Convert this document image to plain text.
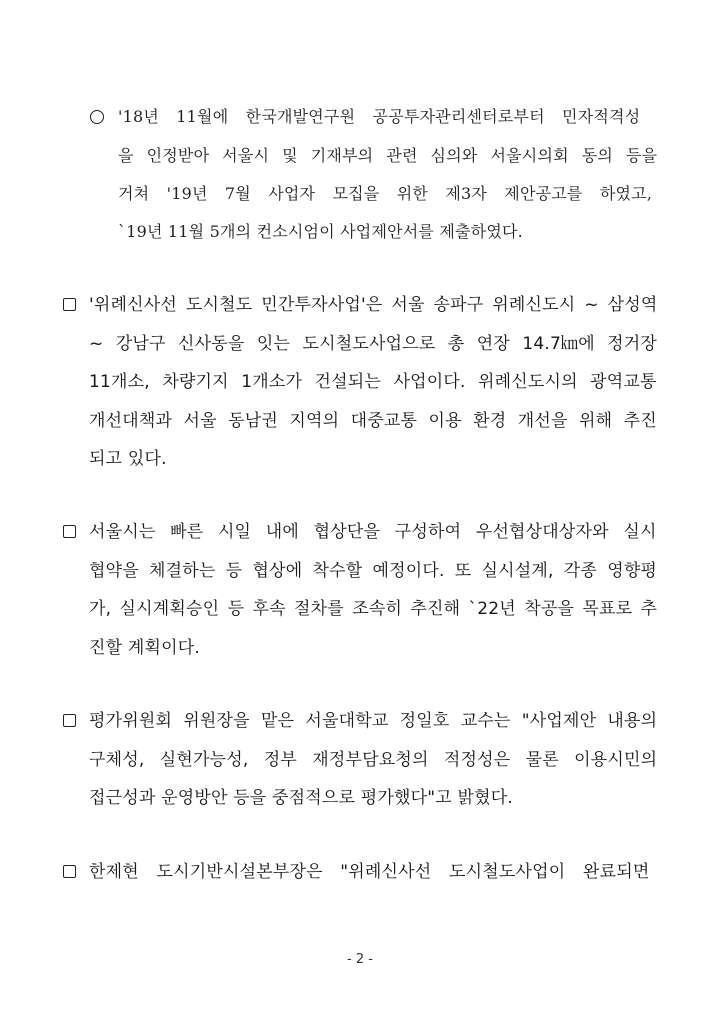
'18년 11월에 한국개발연구원 공공투자관리센터로부터 민자적격성
을 인정받아 서울시 및 기재부의 관련 심의와 서울시의회 동의 등을
거쳐 '19년 7월 사업자 모집을 위한 제3자 제안공고를 하였고,
`19년 11월 5개의 컨소시엄이 사업제안서를 제출하였다.
'위례신사선 도시철도 민간투자사업'은 서울 송파구 위례신도시 ~ 삼성역
~ 강남구 신사동을 잇는 도시철도사업으로 총 연장 14.7㎞에 정거장
11개소, 차량기지 1개소가 건설되는 사업이다. 위례신도시의 광역교통
개선대책과 서울 동남권 지역의 대중교통 이용 환경 개선을 위해 추진
되고 있다.
서울시는 빠른 시일 내에 협상단을 구성하여 우선협상대상자와 실시
협약을 체결하는 등 협상에 착수할 예정이다. 또 실시설계, 각종 영향평
가, 실시계획승인 등 후속 절차를 조속히 추진해 `22년 착공을 목표로 추
진할 계획이다.
평가위원회 위원장을 맡은 서울대학교 정일호 교수는 "사업제안 내용의
구체성, 실현가능성, 정부 재정부담요청의 적정성은 물론 이용시민의
접근성과 운영방안 등을 중점적으로 평가했다"고 밝혔다.
한제현 도시기반시설본부장은 "위례신사선 도시철도사업이 완료되면
- 2 -
